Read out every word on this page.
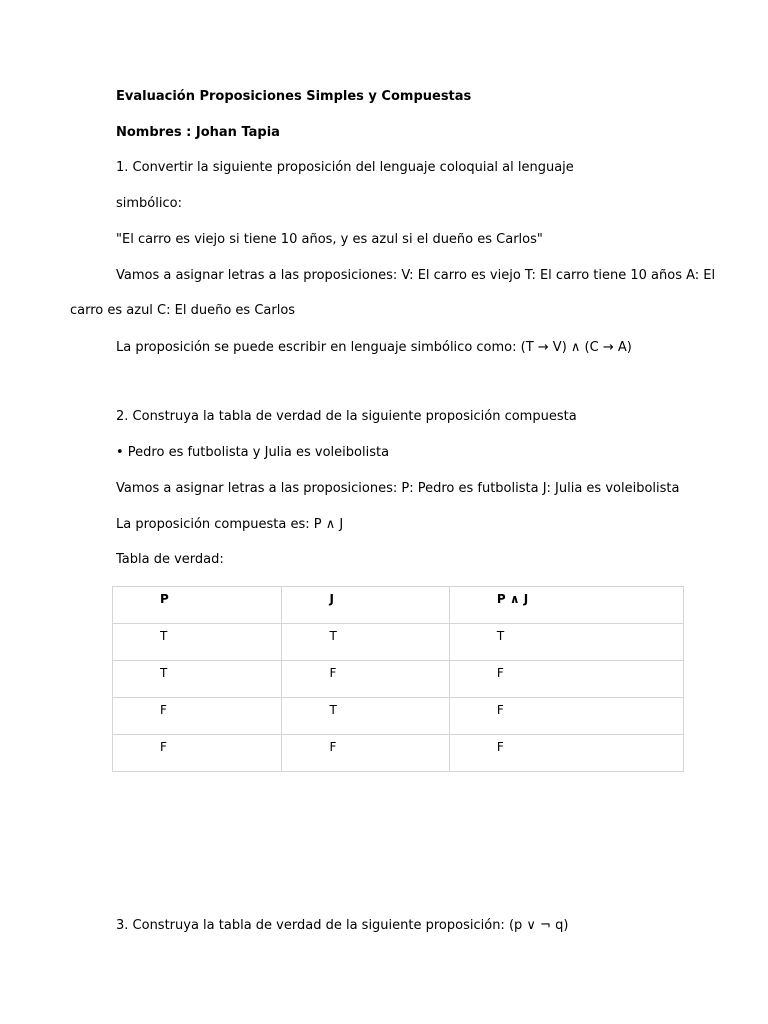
Evaluación Proposiciones Simples y Compuestas
Nombres : Johan Tapia
1. Convertir la siguiente proposición del lenguaje coloquial al lenguaje
simbólico:
"El carro es viejo si tiene 10 años, y es azul si el dueño es Carlos"
Vamos a asignar letras a las proposiciones: V: El carro es viejo T: El carro tiene 10 años A: El
carro es azul C: El dueño es Carlos
La proposición se puede escribir en lenguaje simbólico como: (T → V) ∧ (C → A)
2. Construya la tabla de verdad de la siguiente proposición compuesta
• Pedro es futbolista y Julia es voleibolista
Vamos a asignar letras a las proposiciones: P: Pedro es futbolista J: Julia es voleibolista
La proposición compuesta es: P ∧ J
Tabla de verdad:
P	J	P ∧ J

T	T	T

T	F	F

F	T	F

F	F	F
3. Construya la tabla de verdad de la siguiente proposición: (p ∨ ¬ q)
